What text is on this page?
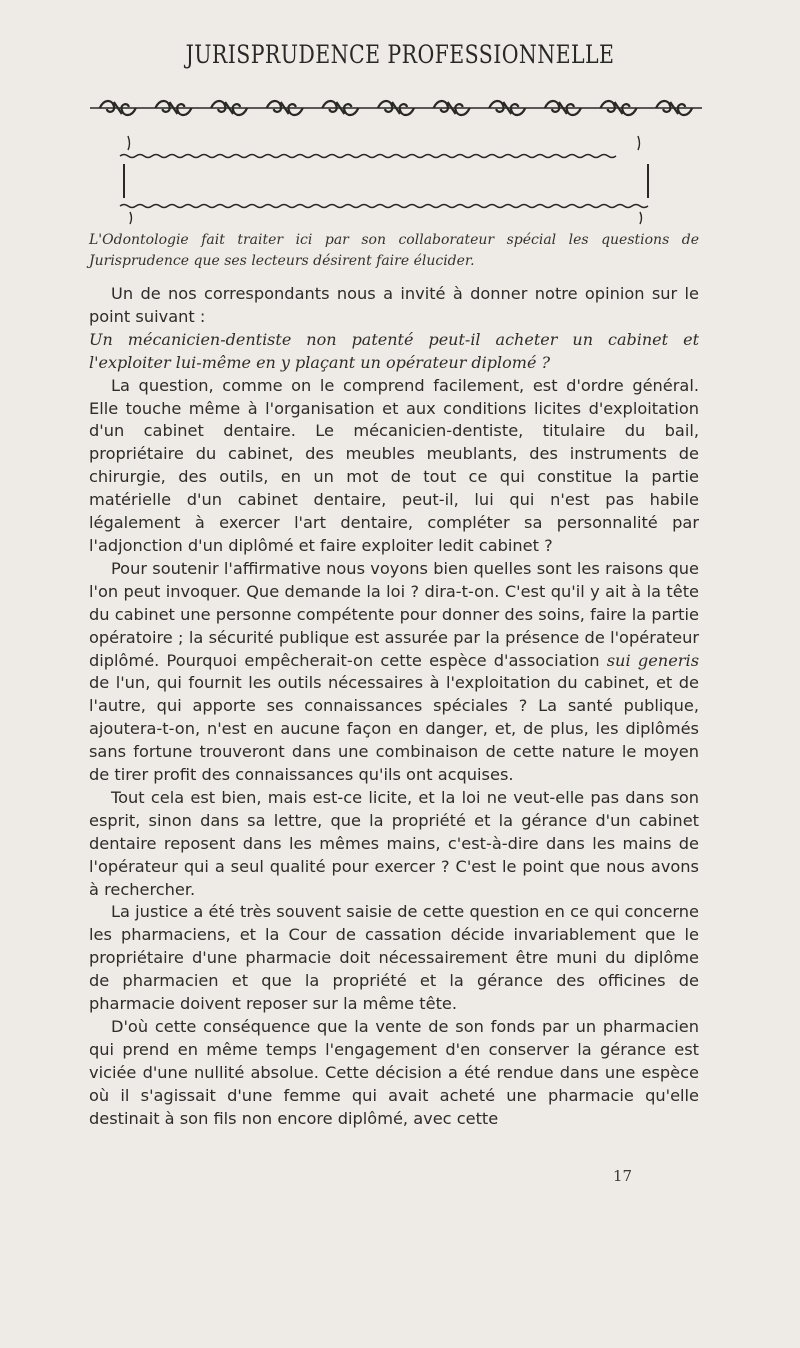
JURISPRUDENCE PROFESSIONNELLE
L'Odontologie fait traiter ici par son collaborateur spécial les questions de Jurisprudence que ses lecteurs désirent faire élucider.

Un de nos correspondants nous a invité à donner notre opinion sur le point suivant :

Un mécanicien-dentiste non patenté peut-il acheter un cabinet et l'exploiter lui-même en y plaçant un opérateur diplomé ?

La question, comme on le comprend facilement, est d'ordre général. Elle touche même à l'organisation et aux conditions licites d'exploitation d'un cabinet dentaire. Le mécanicien-dentiste, titulaire du bail, propriétaire du cabinet, des meubles meublants, des instruments de chirurgie, des outils, en un mot de tout ce qui constitue la partie matérielle d'un cabinet dentaire, peut-il, lui qui n'est pas habile légalement à exercer l'art dentaire, compléter sa personnalité par l'adjonction d'un diplômé et faire exploiter ledit cabinet ?

Pour soutenir l'affirmative nous voyons bien quelles sont les raisons que l'on peut invoquer. Que demande la loi ? dira-t-on. C'est qu'il y ait à la tête du cabinet une personne compétente pour donner des soins, faire la partie opératoire ; la sécurité publique est assurée par la présence de l'opérateur diplômé. Pourquoi empêcherait-on cette espèce d'association sui generis de l'un, qui fournit les outils nécessaires à l'exploitation du cabinet, et de l'autre, qui apporte ses connaissances spéciales ? La santé publique, ajoutera-t-on, n'est en aucune façon en danger, et, de plus, les diplômés sans fortune trouveront dans une combinaison de cette nature le moyen de tirer profit des connaissances qu'ils ont acquises.

Tout cela est bien, mais est-ce licite, et la loi ne veut-elle pas dans son esprit, sinon dans sa lettre, que la propriété et la gérance d'un cabinet dentaire reposent dans les mêmes mains, c'est-à-dire dans les mains de l'opérateur qui a seul qualité pour exercer ? C'est le point que nous avons à rechercher.

La justice a été très souvent saisie de cette question en ce qui concerne les pharmaciens, et la Cour de cassation décide invariablement que le propriétaire d'une pharmacie doit nécessairement être muni du diplôme de pharmacien et que la propriété et la gérance des officines de pharmacie doivent reposer sur la même tête.

D'où cette conséquence que la vente de son fonds par un pharmacien qui prend en même temps l'engagement d'en conserver la gérance est viciée d'une nullité absolue. Cette décision a été rendue dans une espèce où il s'agissait d'une femme qui avait acheté une pharmacie qu'elle destinait à son fils non encore diplômé, avec cette

17
